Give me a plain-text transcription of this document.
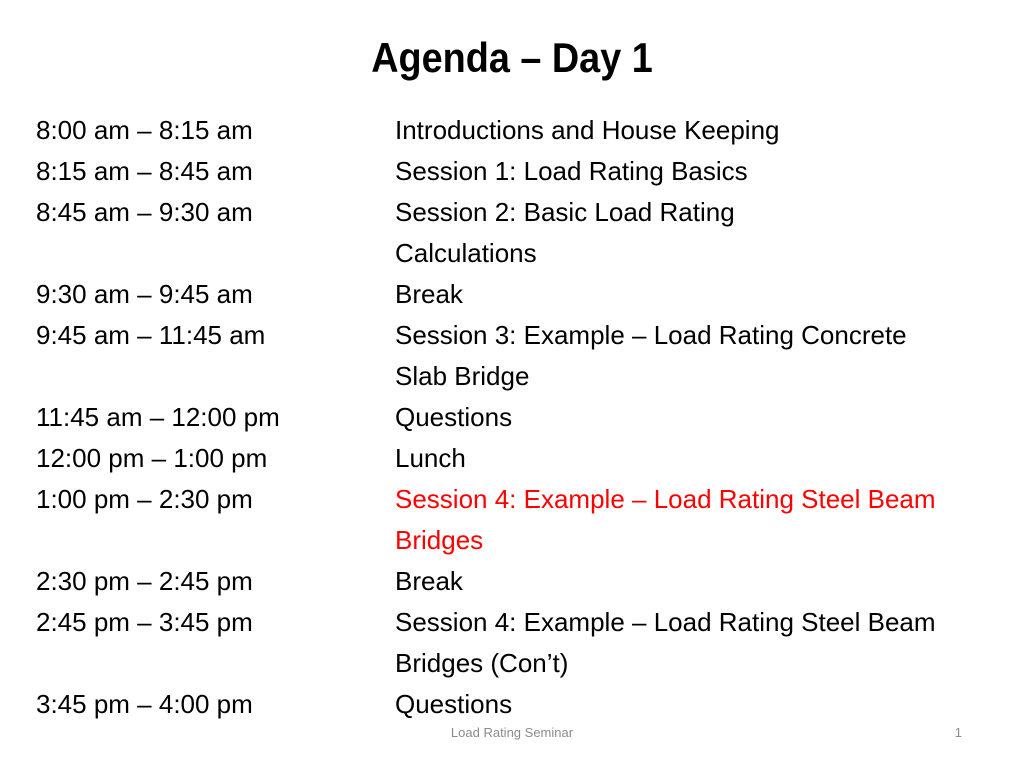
Agenda – Day 1
8:00 am – 8:15 am	Introductions and House Keeping
8:15 am – 8:45 am	Session 1: Load Rating Basics
8:45 am – 9:30 am	Session 2: Basic Load Rating
Calculations
9:30 am – 9:45 am	Break
9:45 am – 11:45 am	Session 3: Example – Load Rating Concrete
Slab Bridge
11:45 am – 12:00 pm	Questions
12:00 pm – 1:00 pm	Lunch
1:00 pm – 2:30 pm	Session 4: Example – Load Rating Steel Beam
Bridges
2:30 pm – 2:45 pm	Break
2:45 pm – 3:45 pm	Session 4: Example – Load Rating Steel Beam
Bridges (Con’t)
3:45 pm – 4:00 pm	Questions
Load Rating Seminar	1
